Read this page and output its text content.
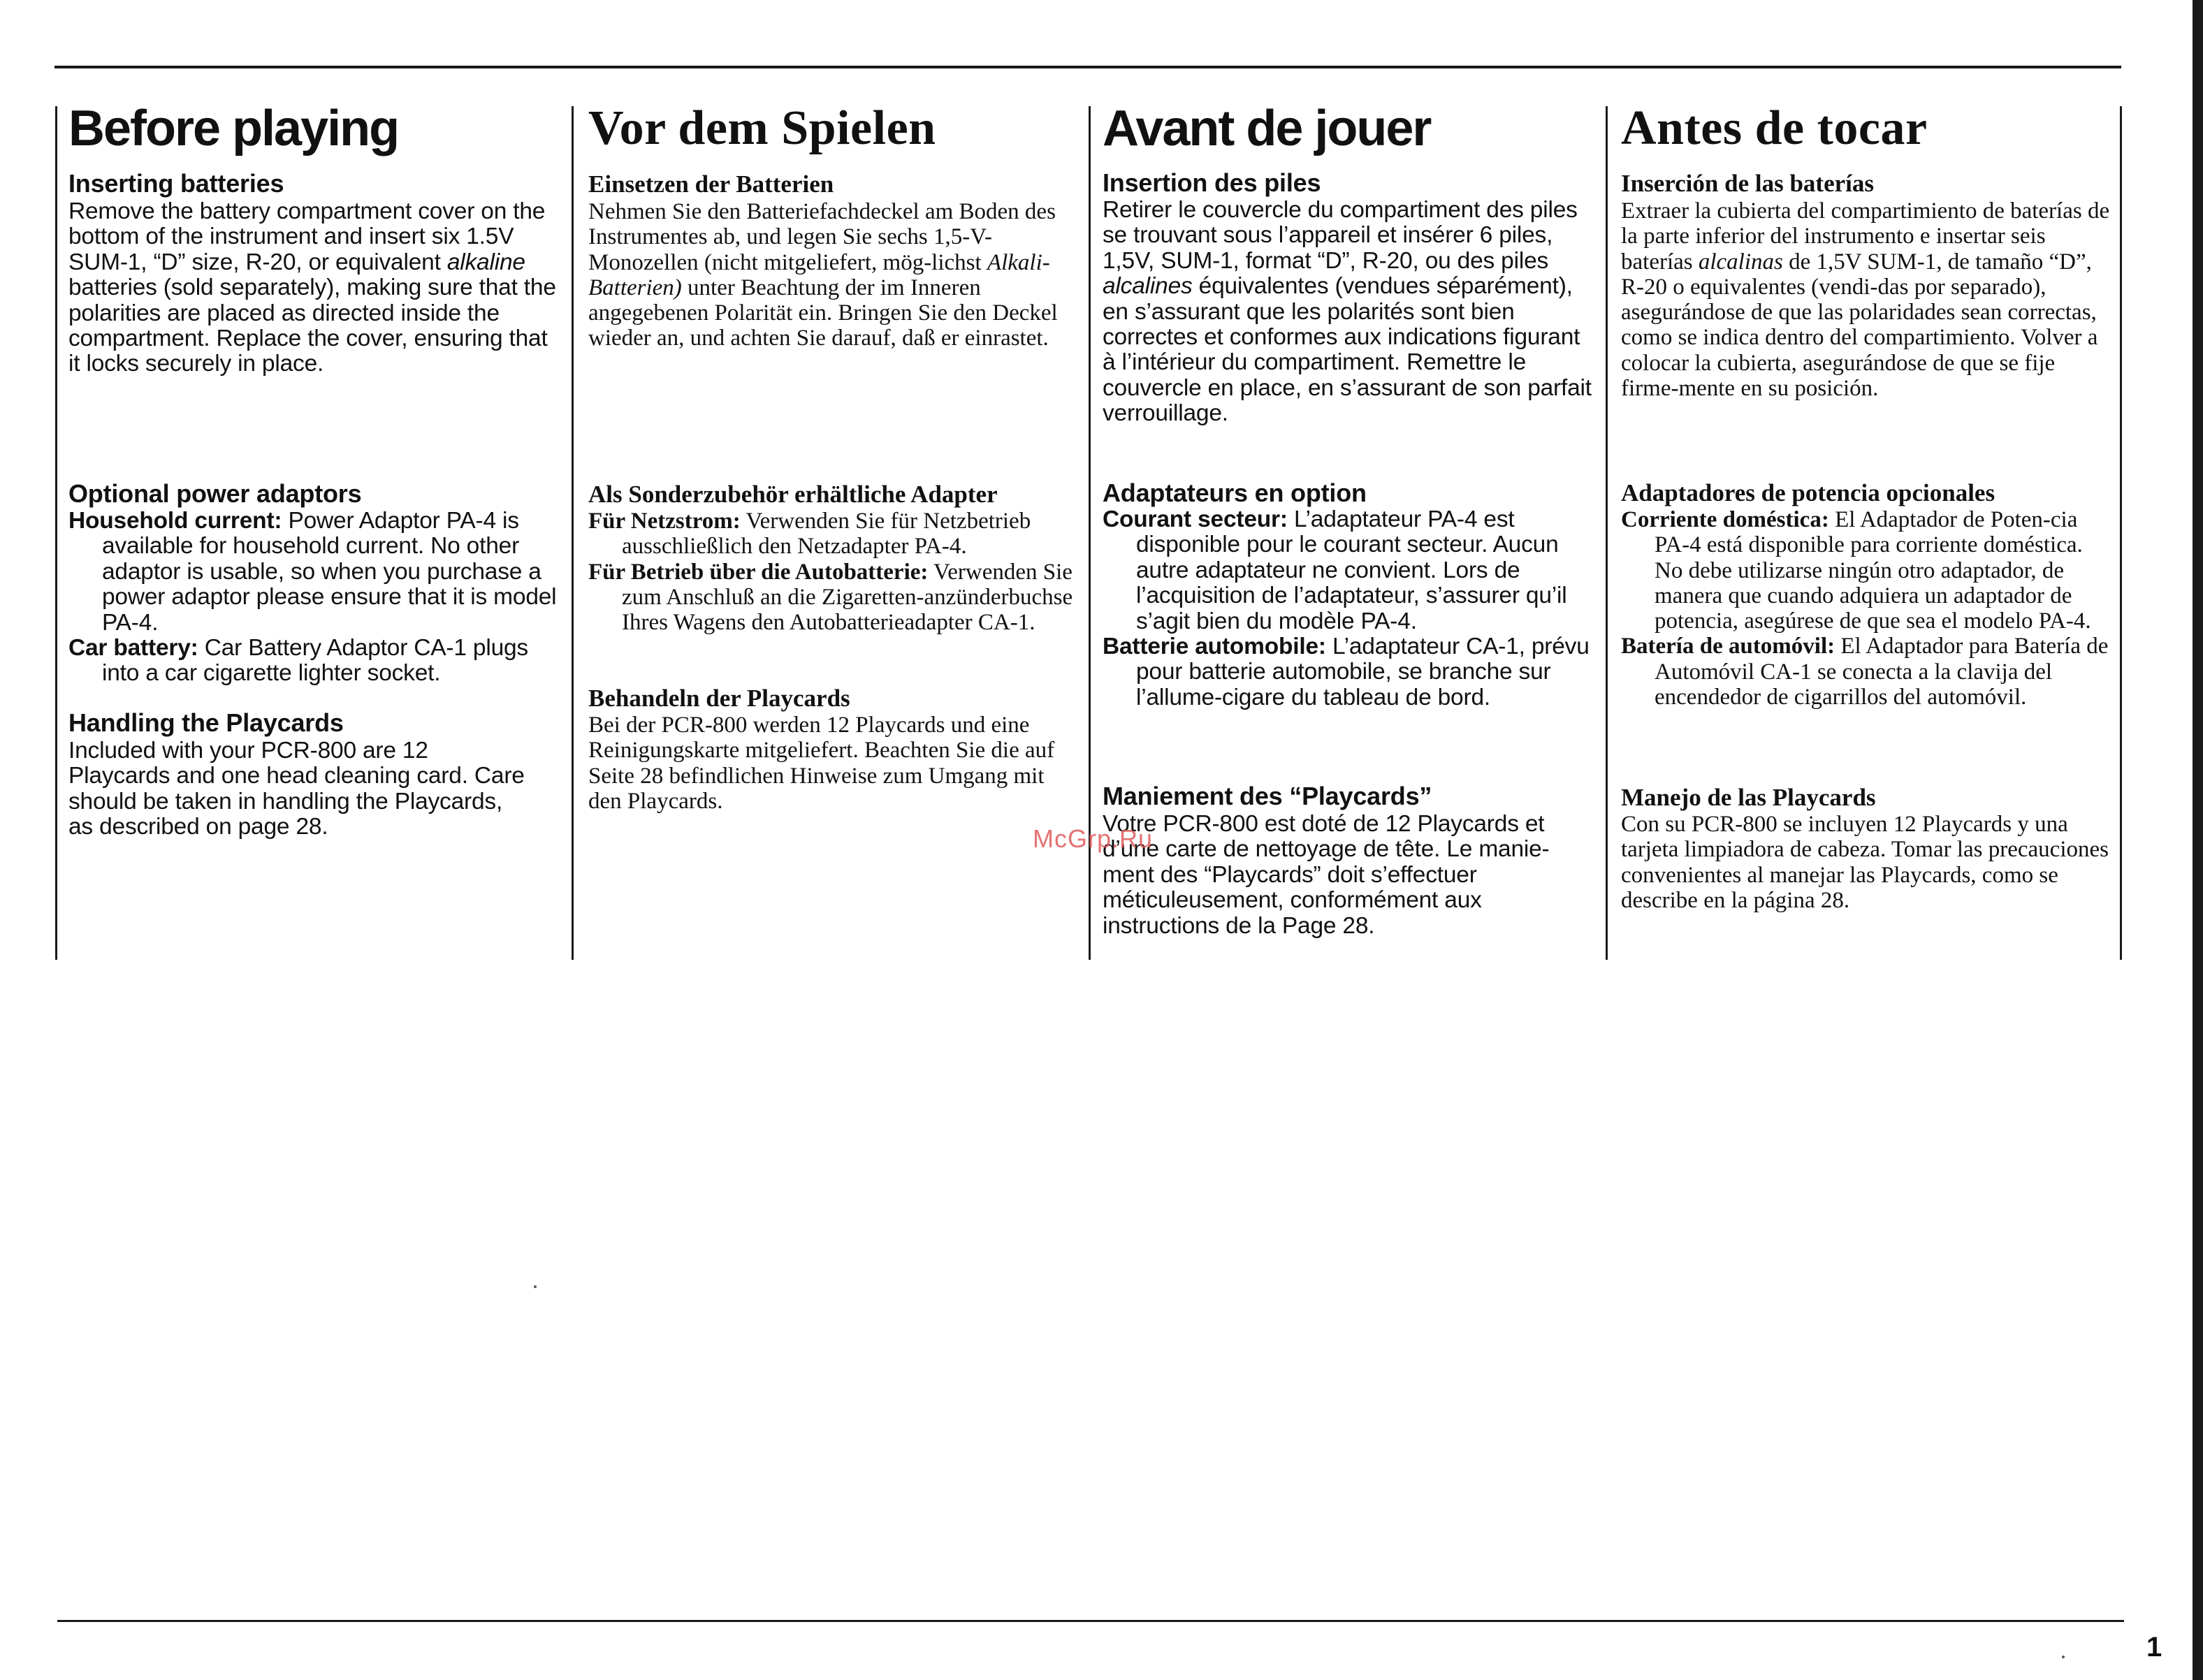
Before playing
Inserting batteries

Remove the battery compartment cover on the bottom of the instrument and insert six 1.5V SUM-1, “D” size, R-20, or equivalent alkaline batteries (sold separately), making sure that the polarities are placed as directed inside the compartment. Replace the cover, ensuring that it locks securely in place.

Optional power adaptors

Household current: Power Adaptor PA-4 is available for household current. No other adaptor is usable, so when you purchase a power adaptor please ensure that it is model PA-4.

Car battery: Car Battery Adaptor CA-1 plugs into a car cigarette lighter socket.

Handling the Playcards

Included with your PCR-800 are 12 Playcards and one head cleaning card. Care should be taken in handling the Playcards, as described on page 28.

Vor dem Spielen
Einsetzen der Batterien

Nehmen Sie den Batteriefachdeckel am Boden des Instrumentes ab, und legen Sie sechs 1,5-V-Monozellen (nicht mitgeliefert, mög-lichst Alkali-Batterien) unter Beachtung der im Inneren angegebenen Polarität ein. Bringen Sie den Deckel wieder an, und achten Sie darauf, daß er einrastet.

Als Sonderzubehör erhältliche Adapter

Für Netzstrom: Verwenden Sie für Netzbetrieb ausschließlich den Netzadapter PA-4.

Für Betrieb über die Autobatterie: Verwenden Sie zum Anschluß an die Zigaretten-anzünderbuchse Ihres Wagens den Autobatterieadapter CA-1.

Behandeln der Playcards

Bei der PCR-800 werden 12 Playcards und eine Reinigungskarte mitgeliefert. Beachten Sie die auf Seite 28 befindlichen Hinweise zum Umgang mit den Playcards.

Avant de jouer
Insertion des piles

Retirer le couvercle du compartiment des piles se trouvant sous l’appareil et insérer 6 piles, 1,5V, SUM-1, format “D”, R-20, ou des piles alcalines équivalentes (vendues séparément), en s’assurant que les polarités sont bien correctes et conformes aux indications figurant à l’intérieur du compartiment. Remettre le couvercle en place, en s’assurant de son parfait verrouillage.

Adaptateurs en option

Courant secteur: L’adaptateur PA-4 est disponible pour le courant secteur. Aucun autre adaptateur ne convient. Lors de l’acquisition de l’adaptateur, s’assurer qu’il s’agit bien du modèle PA-4.

Batterie automobile: L’adaptateur CA-1, prévu pour batterie automobile, se branche sur l’allume-cigare du tableau de bord.

Maniement des “Playcards”

Votre PCR-800 est doté de 12 Playcards et d’une carte de nettoyage de tête. Le manie-ment des “Playcards” doit s’effectuer méticuleusement, conformément aux instructions de la Page 28.

Antes de tocar
Inserción de las baterías

Extraer la cubierta del compartimiento de baterías de la parte inferior del instrumento e insertar seis baterías alcalinas de 1,5V SUM-1, de tamaño “D”, R-20 o equivalentes (vendi-das por separado), asegurándose de que las polaridades sean correctas, como se indica dentro del compartimiento. Volver a colocar la cubierta, asegurándose de que se fije firme-mente en su posición.

Adaptadores de potencia opcionales

Corriente doméstica: El Adaptador de Poten-cia PA-4 está disponible para corriente doméstica. No debe utilizarse ningún otro adaptador, de manera que cuando adquiera un adaptador de potencia, asegúrese de que sea el modelo PA-4.

Batería de automóvil: El Adaptador para Batería de Automóvil CA-1 se conecta a la clavija del encendedor de cigarrillos del automóvil.

Manejo de las Playcards

Con su PCR-800 se incluyen 12 Playcards y una tarjeta limpiadora de cabeza. Tomar las precauciones convenientes al manejar las Playcards, como se describe en la página 28.

McGrp.Ru
1
